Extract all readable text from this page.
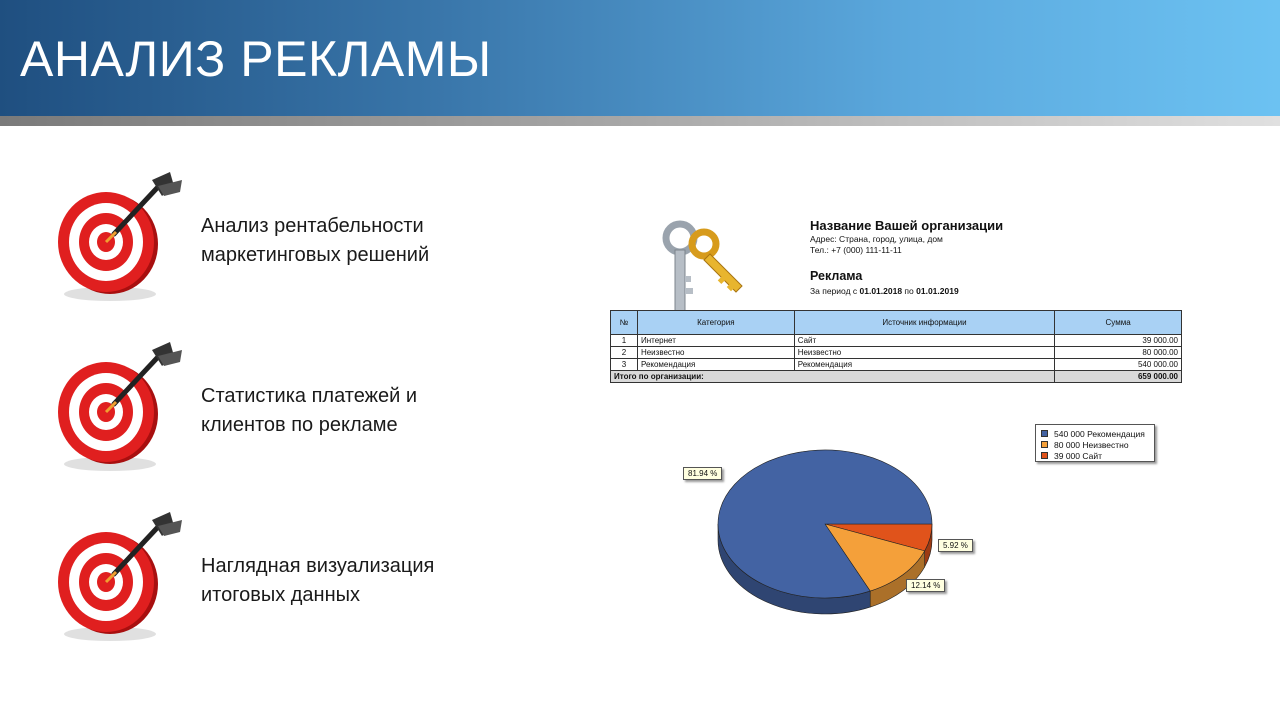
АНАЛИЗ РЕКЛАМЫ
Анализ рентабельности
маркетинговых решений
Статистика платежей и
клиентов по рекламе
Наглядная визуализация
итоговых данных
Название Вашей организации
Адрес: Страна, город, улица, дом
Тел.: +7 (000) 111-11-11
Реклама
За период с 01.01.2018 по 01.01.2019
№	Категория	Источник информации	Сумма
1	Интернет	Сайт	39 000.00
2	Неизвестно	Неизвестно	80 000.00
3	Рекомендация	Рекомендация	540 000.00
Итого по организации:			659 000.00
81.94 %
12.14 %
5.92 %
540 000 Рекомендация
80 000 Неизвестно
39 000 Сайт
